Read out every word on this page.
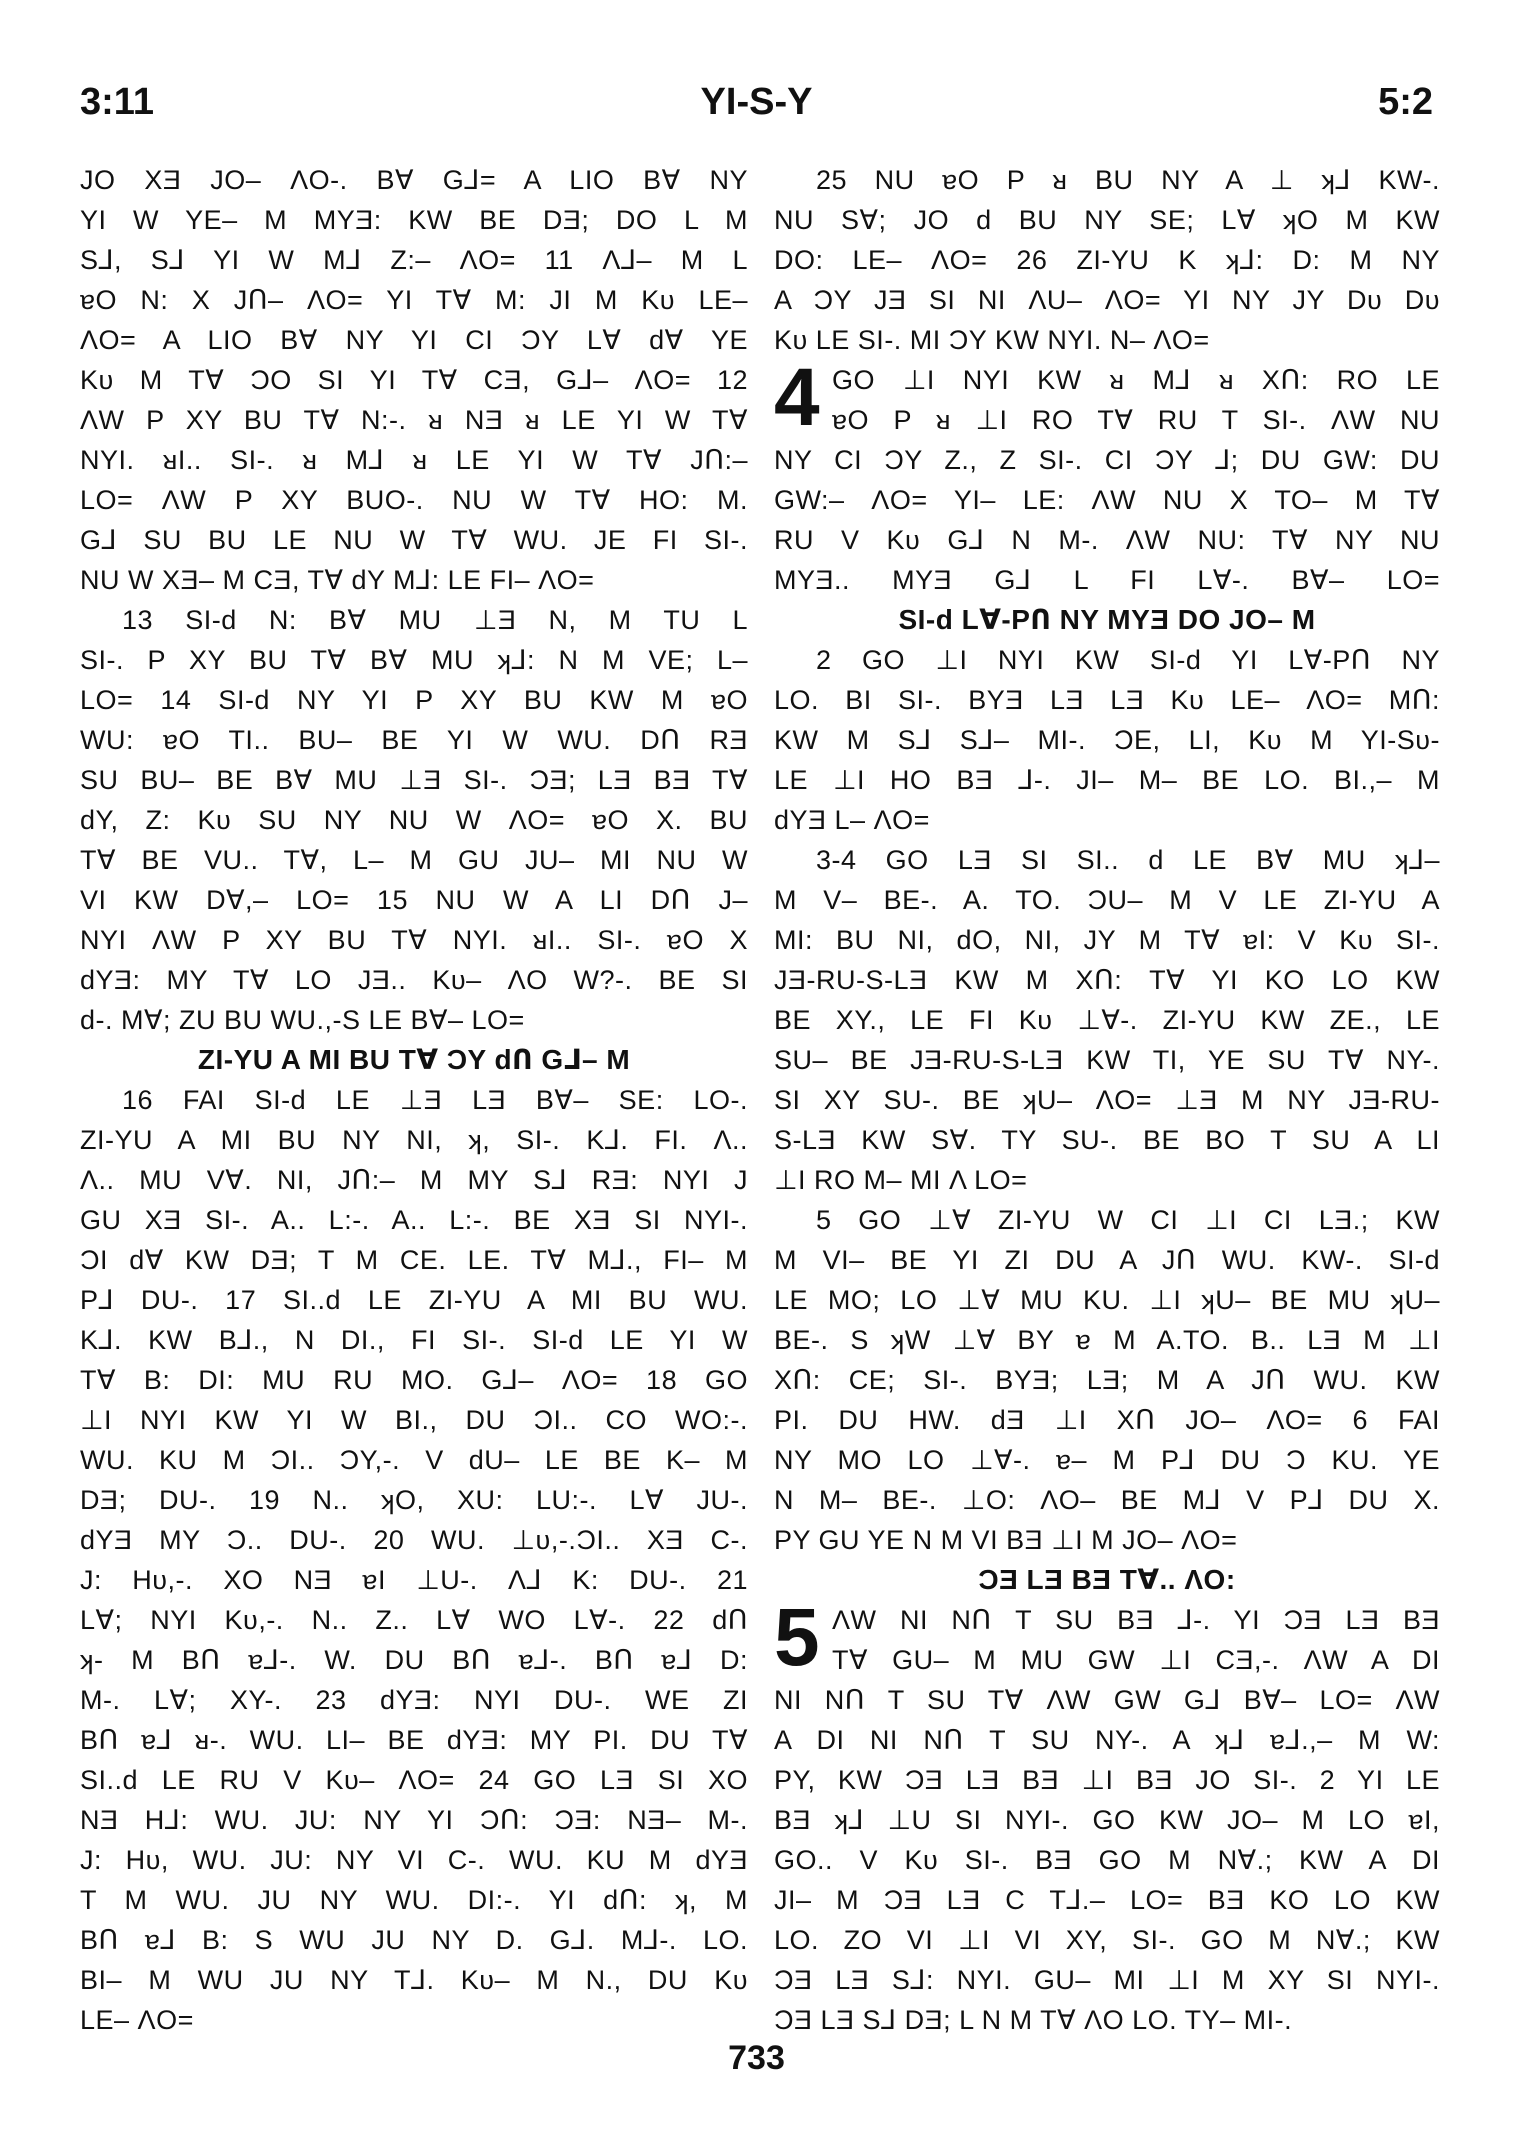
3:11	YI-S-Y	5:2
JO XƎ JO– ΛO-. B∀ G⅃= A LIO B∀ NY
YI W YE– M MYƎ: KW BE DƎ; DO L M
S⅃, S⅃ YI W M⅃ Z:– ΛO= 11 Λ⅃– M L
ɐO N: X JՈ– ΛO= YI T∀ M: JI M Kᴜ LE–
ΛO= A LIO B∀ NY YI CI ƆY L∀ d∀ YE
Kᴜ M T∀ ƆO SI YI T∀ CƎ, G⅃– ΛO= 12
ΛW P XY BU T∀ N:-. ᴚ NƎ ᴚ LE YI W T∀
NYI. ᴚI.. SI-. ᴚ M⅃ ᴚ LE YI W T∀ JՈ:–
LO= ΛW P XY BUO-. NU W T∀ HO: M.
G⅃ SU BU LE NU W T∀ WU. JE FI SI-.
NU W XƎ– M CƎ, T∀ dY M⅃: LE FI– ΛO=
13 SI-d N: B∀ MU ⊥Ǝ N, M TU L
SI-. P XY BU T∀ B∀ MU ʞ⅃: N M VE; L–
LO= 14 SI-d NY YI P XY BU KW M ɐO
WU: ɐO TI.. BU– BE YI W WU. DՈ RƎ
SU BU– BE B∀ MU ⊥Ǝ SI-. ƆƎ; LƎ BƎ T∀
dY, Z: Kᴜ SU NY NU W ΛO= ɐO X. BU
T∀ BE VU.. T∀, L– M GU JU– MI NU W
VI KW D∀,– LO= 15 NU W A LI DՈ J–
NYI ΛW P XY BU T∀ NYI. ᴚI.. SI-. ɐO X
dYƎ: MY T∀ LO JƎ.. Kᴜ– ΛO W?-. BE SI
d-. M∀; ZU BU WU.,-S LE B∀– LO=
ZI-YU A MI BU T∀ ƆY dՈ G⅃– M
16 FAI SI-d LE ⊥Ǝ LƎ B∀– SE: LO-.
ZI-YU A MI BU NY NI, ʞ, SI-. K⅃. FI. Λ..
Λ.. MU V∀. NI, JՈ:– M MY S⅃ RƎ: NYI J
GU XƎ SI-. A.. L:-. A.. L:-. BE XƎ SI NYI-.
ƆI d∀ KW DƎ; T M CE. LE. T∀ M⅃., FI– M
P⅃ DU-. 17 SI..d LE ZI-YU A MI BU WU.
K⅃. KW B⅃., N DI., FI SI-. SI-d LE YI W
T∀ B: DI: MU RU MO. G⅃– ΛO= 18 GO
⊥I NYI KW YI W BI., DU ƆI.. CO WO:-.
WU. KU M ƆI.. ƆY,-. V dU– LE BE K– M
DƎ; DU-. 19 N.. ʞO, XU: LU:-. L∀ JU-.
dYƎ MY Ɔ.. DU-. 20 WU. ⊥ᴜ,-.ƆI.. XƎ C-.
J: Hᴜ,-. XO NƎ ɐI ⊥U-. Λ⅃ K: DU-. 21
L∀; NYI Kᴜ,-. N.. Z.. L∀ WO L∀-. 22 dՈ
ʞ- M BՈ ɐ⅃-. W. DU BՈ ɐ⅃-. BՈ ɐ⅃ D:
M-. L∀; XY-. 23 dYƎ: NYI DU-. WE ZI
BՈ ɐ⅃ ᴚ-. WU. LI– BE dYƎ: MY PI. DU T∀
SI..d LE RU V Kᴜ– ΛO= 24 GO LƎ SI XO
NƎ H⅃: WU. JU: NY YI ƆՈ: ƆƎ: NƎ– M-.
J: Hᴜ, WU. JU: NY VI C-. WU. KU M dYƎ
T M WU. JU NY WU. DI:-. YI dՈ: ʞ, M
BՈ ɐ⅃ B: S WU JU NY D. G⅃. M⅃-. LO.
BI– M WU JU NY T⅃. Kᴜ– M N., DU Kᴜ
LE– ΛO=
25 NU ɐO P ᴚ BU NY A ⊥ ʞ⅃ KW-.
NU S∀; JO d BU NY SE; L∀ ʞO M KW
DO: LE– ΛO= 26 ZI-YU K ʞ⅃: D: M NY
A ƆY JƎ SI NI ΛU– ΛO= YI NY JY Dᴜ Dᴜ
Kᴜ LE SI-. MI ƆY KW NYI. N– ΛO=
4 GO ⊥I NYI KW ᴚ M⅃ ᴚ XՈ: RO LE
ɐO P ᴚ ⊥I RO T∀ RU T SI-. ΛW NU
NY CI ƆY Z., Z SI-. CI ƆY ⅃; DU GW: DU
GW:– ΛO= YI– LE: ΛW NU X TO– M T∀
RU V Kᴜ G⅃ N M-. ΛW NU: T∀ NY NU
MYƎ.. MYƎ G⅃ L FI L∀-. B∀– LO=
SI-d L∀-PՈ NY MYƎ DO JO– M
2 GO ⊥I NYI KW SI-d YI L∀-PՈ NY
LO. BI SI-. BYƎ LƎ LƎ Kᴜ LE– ΛO= MՈ:
KW M S⅃ S⅃– MI-. ƆE, LI, Kᴜ M YI-Sᴜ-
LE ⊥I HO BƎ ⅃-. JI– M– BE LO. BI.,– M
dYƎ L– ΛO=
3-4 GO LƎ SI SI.. d LE B∀ MU ʞ⅃–
M V– BE-. A. TO. ƆU– M V LE ZI-YU A
MI: BU NI, dO, NI, JY M T∀ ɐI: V Kᴜ SI-.
JƎ-RU-S-LƎ KW M XՈ: T∀ YI KO LO KW
BE XY., LE FI Kᴜ ⊥∀-. ZI-YU KW ZE., LE
SU– BE JƎ-RU-S-LƎ KW TI, YE SU T∀ NY-.
SI XY SU-. BE ʞU– ΛO= ⊥Ǝ M NY JƎ-RU-
S-LƎ KW S∀. TY SU-. BE BO T SU A LI
⊥I RO M– MI Λ LO=
5 GO ⊥∀ ZI-YU W CI ⊥I CI LƎ.; KW
M VI– BE YI ZI DU A JՈ WU. KW-. SI-d
LE MO; LO ⊥∀ MU KU. ⊥I ʞU– BE MU ʞU–
BE-. S ʞW ⊥∀ BY ɐ M A.TO. B.. LƎ M ⊥I
XՈ: CE; SI-. BYƎ; LƎ; M A JՈ WU. KW
PI. DU HW. dƎ ⊥I XՈ JO– ΛO= 6 FAI
NY MO LO ⊥∀-. ɐ– M P⅃ DU Ɔ KU. YE
N M– BE-. ⊥O: ΛO– BE M⅃ V P⅃ DU X.
PY GU YE N M VI BƎ ⊥I M JO– ΛO=
ƆƎ LƎ BƎ T∀.. ΛO:
5 ΛW NI NՈ T SU BƎ ⅃-. YI ƆƎ LƎ BƎ
T∀ GU– M MU GW ⊥I CƎ,-. ΛW A DI
NI NՈ T SU T∀ ΛW GW G⅃ B∀– LO= ΛW
A DI NI NՈ T SU NY-. A ʞ⅃ ɐ⅃.,– M W:
PY, KW ƆƎ LƎ BƎ ⊥I BƎ JO SI-. 2 YI LE
BƎ ʞ⅃ ⊥U SI NYI-. GO KW JO– M LO ɐI,
GO.. V Kᴜ SI-. BƎ GO M N∀.; KW A DI
JI– M ƆƎ LƎ C T⅃.– LO= BƎ KO LO KW
LO. ZO VI ⊥I VI XY, SI-. GO M N∀.; KW
ƆƎ LƎ S⅃: NYI. GU– MI ⊥I M XY SI NYI-.
ƆƎ LƎ S⅃ DƎ; L N M T∀ ΛO LO. TY– MI-.
733
